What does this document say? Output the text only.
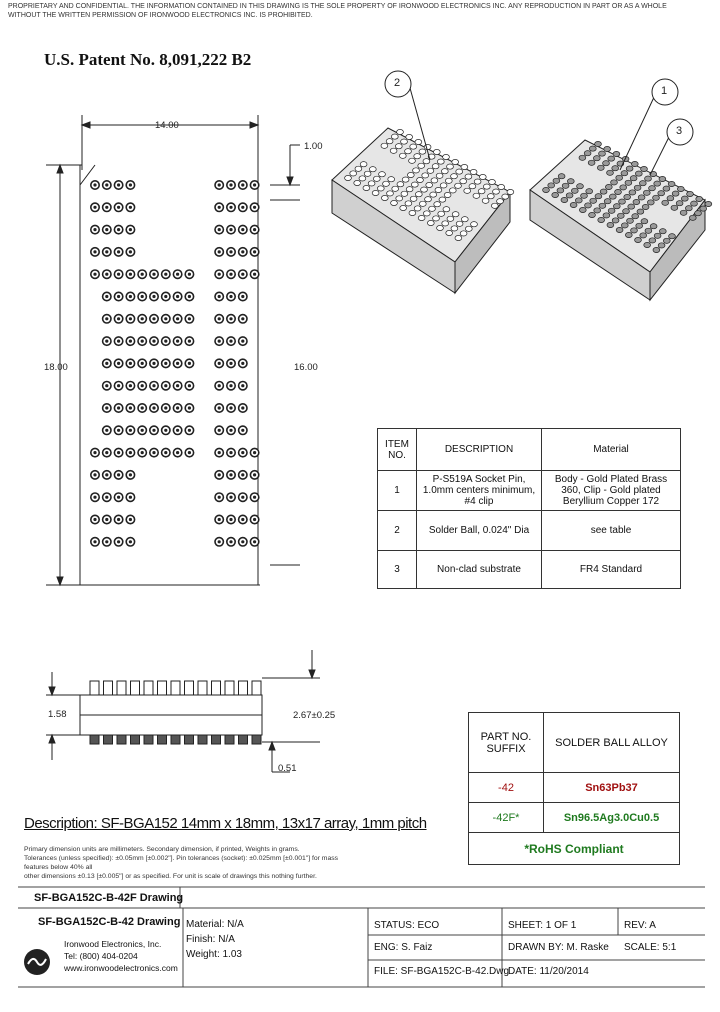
PROPRIETARY AND CONFIDENTIAL. THE INFORMATION CONTAINED IN THIS DRAWING IS THE SOLE PROPERTY OF IRONWOOD ELECTRONICS INC. ANY REPRODUCTION IN PART OR AS A WHOLE
WITHOUT THE WRITTEN PERMISSION OF IRONWOOD ELECTRONICS INC. IS PROHIBITED.
U.S. Patent No. 8,091,222 B2
14.00
1.00
18.00	16.00
1.58	2.67±0.25
0.51
2
1
3
ITEM NO.	DESCRIPTION	Material
1	P-S519A Socket Pin, 1.0mm centers minimum, #4 clip	Body - Gold Plated Brass 360, Clip - Gold plated Beryllium Copper 172
2	Solder Ball, 0.024" Dia	see table
3	Non-clad substrate	FR4 Standard
PART NO. SUFFIX	SOLDER BALL ALLOY
-42	Sn63Pb37
-42F*	Sn96.5Ag3.0Cu0.5
*RoHS Compliant	
Description: SF-BGA152 14mm x 18mm, 13x17 array, 1mm pitch
Primary dimension units are millimeters. Secondary dimension, if printed, Weights in grams.
Tolerances (unless specified): ±0.05mm [±0.002"]. Pin tolerances (socket): ±0.025mm [±0.001"] for mass features below 40% all
other dimensions ±0.13 [±0.005"] or as specified. For unit is scale of drawings this nothing further.
SF-BGA152C-B-42F Drawing
SF-BGA152C-B-42 Drawing
Ironwood Electronics, Inc.
Tel: (800) 404-0204
www.ironwoodelectronics.com
Material: N/A
Finish: N/A
Weight: 1.03
STATUS: ECO
ENG: S. Faiz
FILE: SF-BGA152C-B-42.Dwg
SHEET: 1 OF 1
DRAWN BY: M. Raske
DATE: 11/20/2014
REV: A
SCALE: 5:1
